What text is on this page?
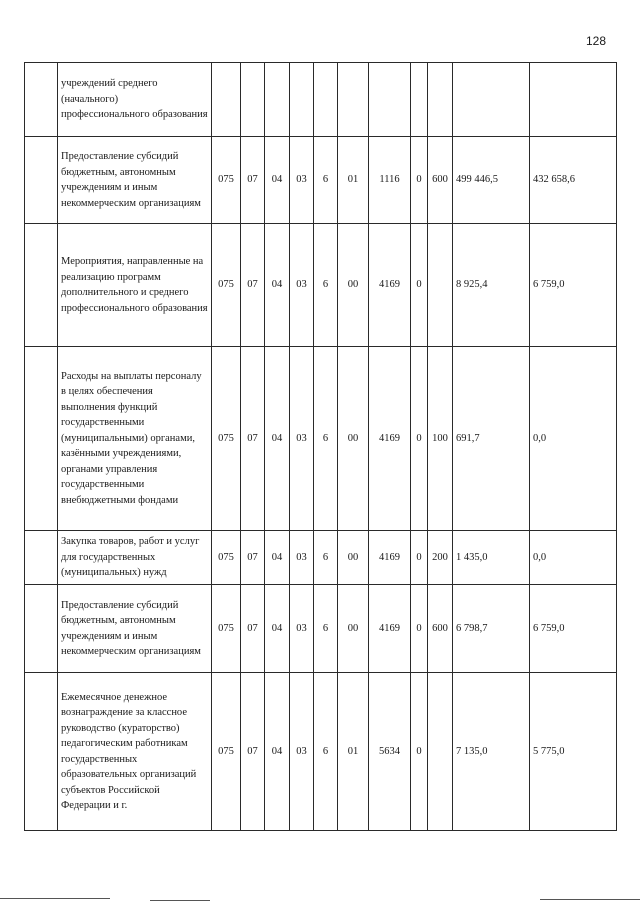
128
	учреждений среднего (начального) профессионального образования											
	Предоставление субсидий бюджетным, автономным учреждениям и иным некоммерческим организациям	075	07	04	03	6	01	1116	0	600	499 446,5	432 658,6
	Мероприятия, направленные на реализацию программ дополнительного и среднего профессионального образования	075	07	04	03	6	00	4169	0		8 925,4	6 759,0
	Расходы на выплаты персоналу в целях обеспечения выполнения функций государственными (муниципальными) органами, казёнными учреждениями, органами управления государственными внебюджетными фондами	075	07	04	03	6	00	4169	0	100	691,7	0,0
	Закупка товаров, работ и услуг для государственных (муниципальных) нужд	075	07	04	03	6	00	4169	0	200	1 435,0	0,0
	Предоставление субсидий бюджетным, автономным учреждениям и иным некоммерческим организациям	075	07	04	03	6	00	4169	0	600	6 798,7	6 759,0
	Ежемесячное денежное вознаграждение за классное руководство (кураторство) педагогическим работникам государственных образовательных организаций субъектов Российской Федерации и г.	075	07	04	03	6	01	5634	0		7 135,0	5 775,0
